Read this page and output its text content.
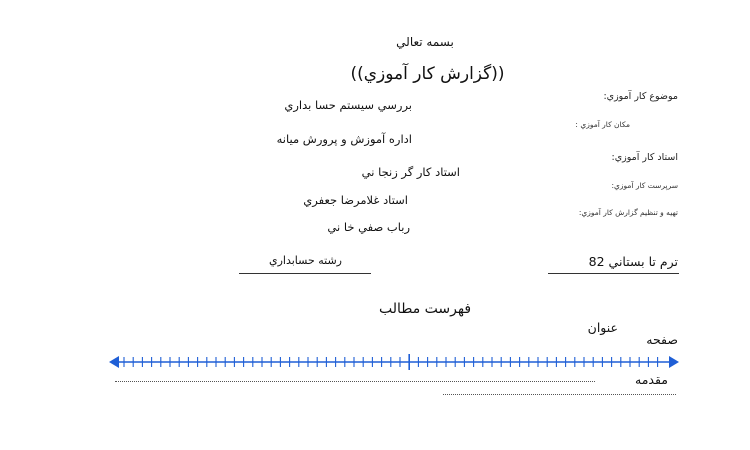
بسمه تعالي
((گزارش کار آموزي))
موضوع کار آموزي:
بررسي سيستم حسا بداري
مکان کار آموزي :
اداره آموزش و پرورش ميانه
استاد کار آموزي:
استاد کار گر زنجا ني
سرپرست کار آموزي:
استاد غلامرضا جعفري
تهيه و تنظيم گزارش کار آموزي:
رباب صفي خا ني
ترم تا بستاني 82
رشته حسابداري
فهرست مطالب
عنوان
صفحه
مقدمه
